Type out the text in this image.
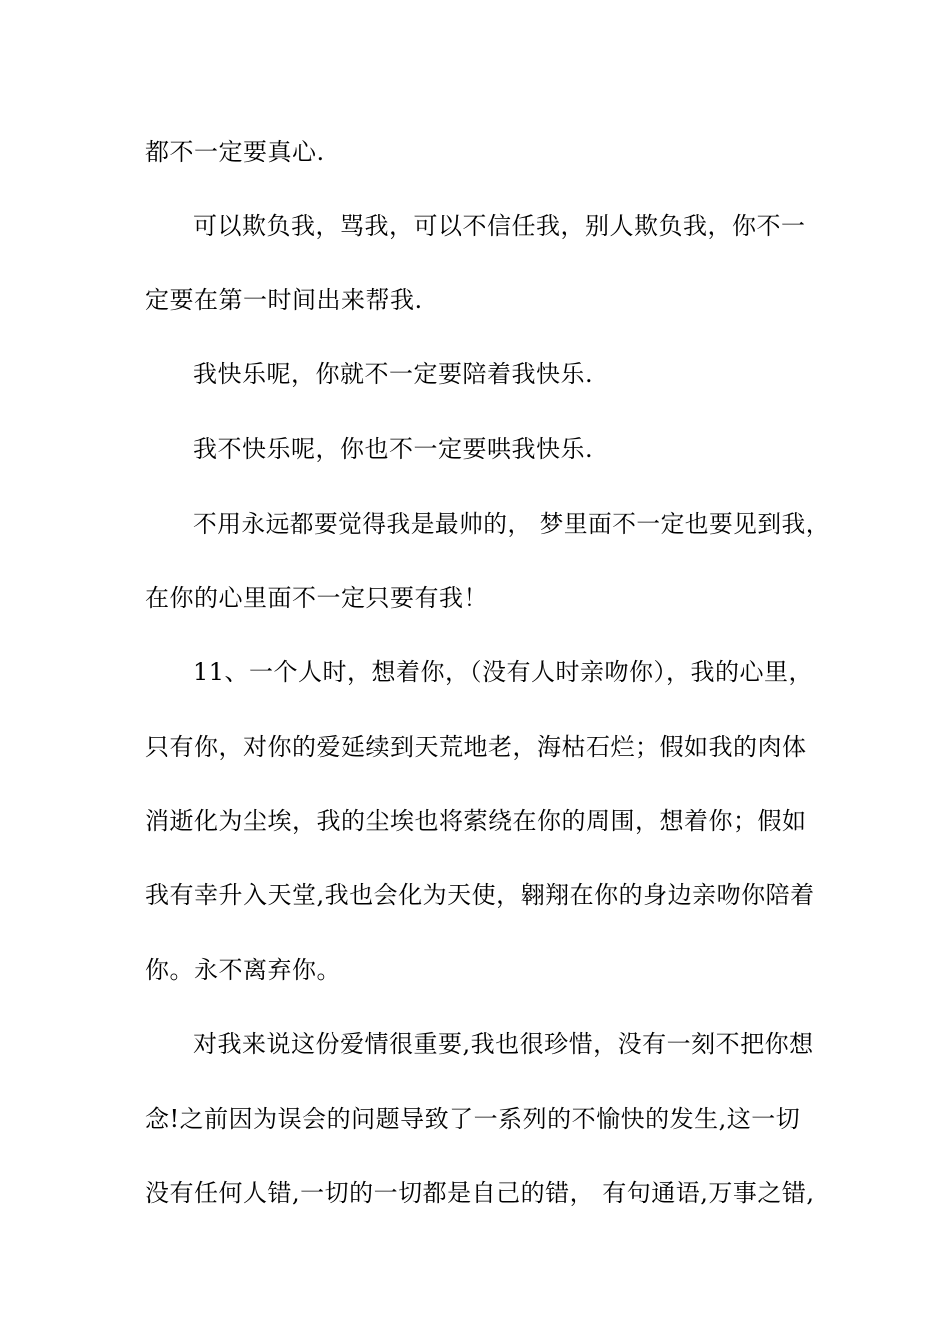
都不一定要真心.
可以欺负我，骂我，可以不信任我，别人欺负我，你不一
定要在第一时间出来帮我.
我快乐呢，你就不一定要陪着我快乐.
我不快乐呢，你也不一定要哄我快乐.
不用永远都要觉得我是最帅的， 梦里面不一定也要见到我，
在你的心里面不一定只要有我！
11、一个人时，想着你，（没有人时亲吻你），我的心里，
只有你，对你的爱延续到天荒地老，海枯石烂；假如我的肉体
消逝化为尘埃，我的尘埃也将萦绕在你的周围，想着你；假如
我有幸升入天堂,我也会化为天使，翱翔在你的身边亲吻你陪着
你。永不离弃你。
对我来说这份爱情很重要,我也很珍惜，没有一刻不把你想
念!之前因为误会的问题导致了一系列的不愉快的发生,这一切
没有任何人错,一切的一切都是自己的错， 有句通语,万事之错,
